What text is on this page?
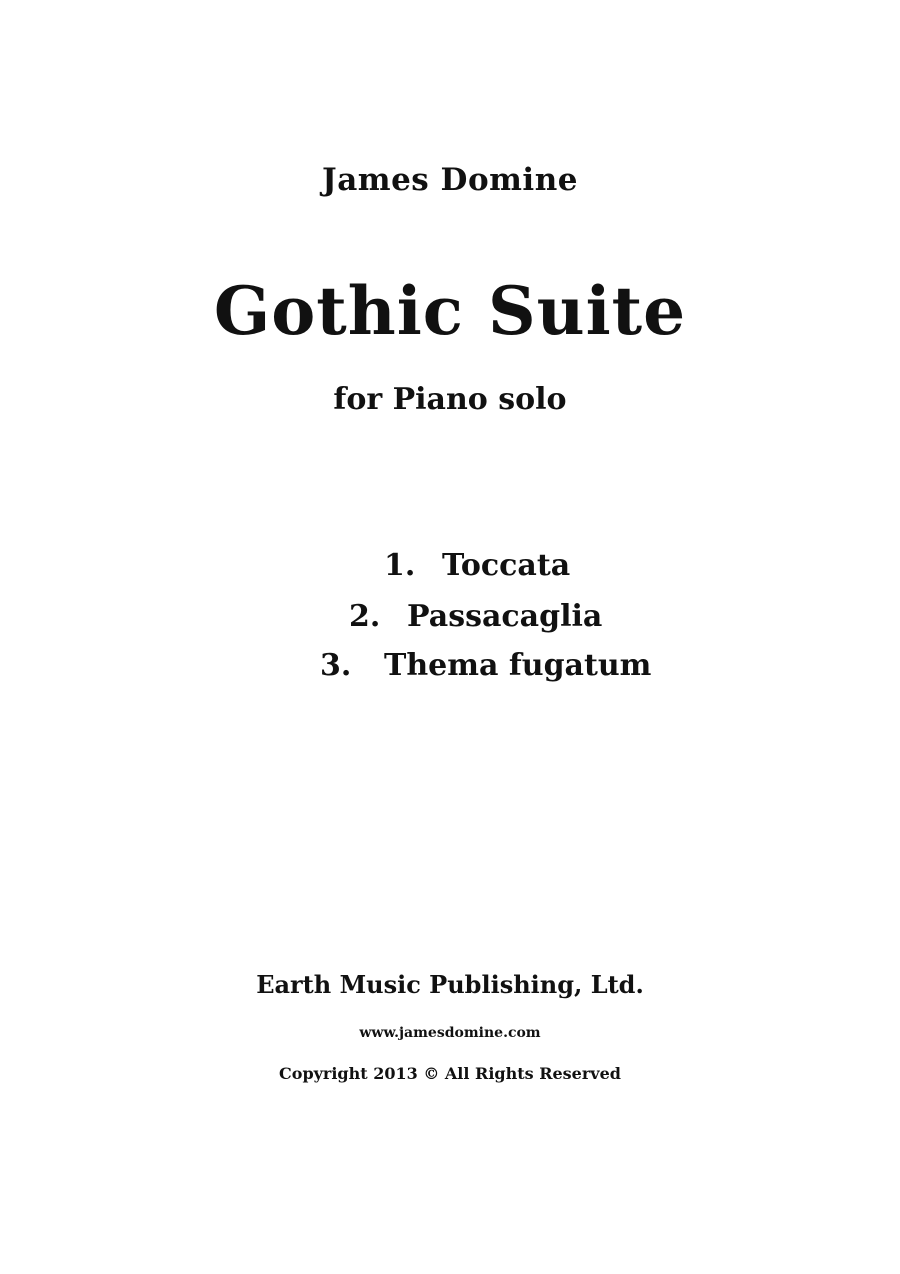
James Domine
Gothic Suite
for Piano solo
1. Toccata
2. Passacaglia
3. Thema fugatum
Earth Music Publishing, Ltd.
www.jamesdomine.com
Copyright 2013 © All Rights Reserved
